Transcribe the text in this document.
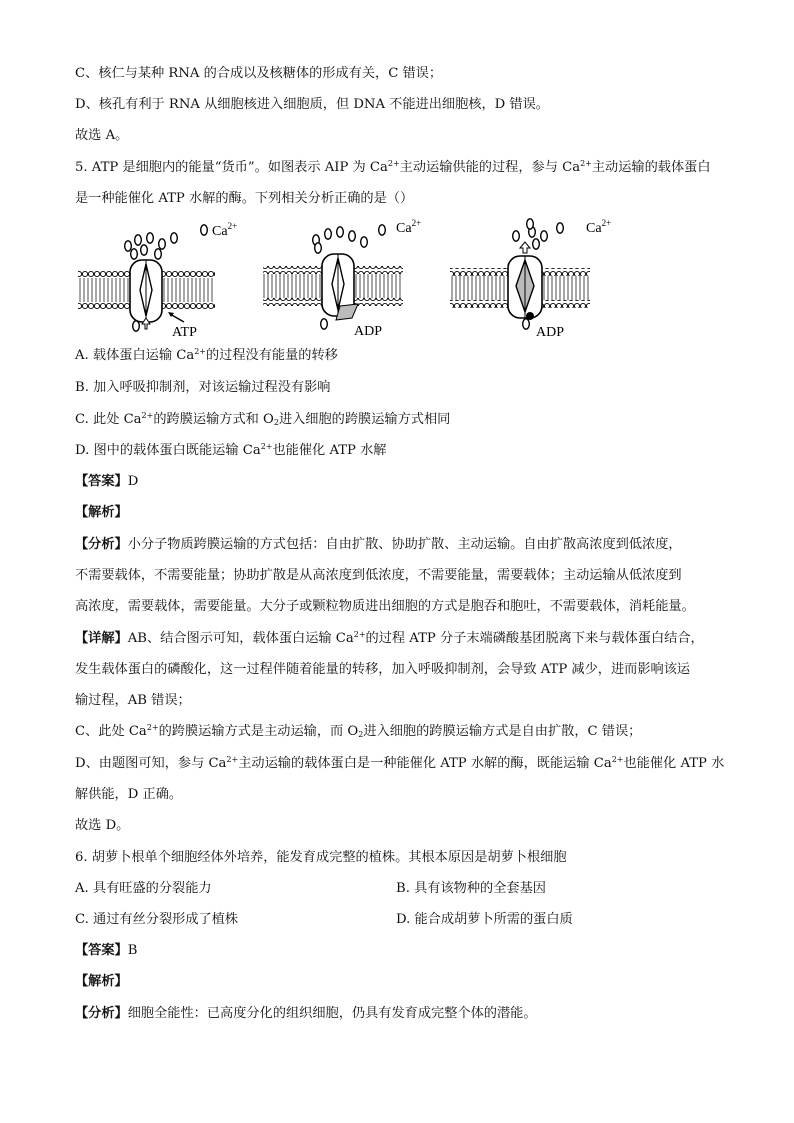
C、核仁与某种 RNA 的合成以及核糖体的形成有关，C 错误；
D、核孔有利于 RNA 从细胞核进入细胞质，但 DNA 不能进出细胞核，D 错误。
故选 A。
5. ATP 是细胞内的能量“货币”。如图表示 AIP 为 $Ca^{2+}$主动运输供能的过程，参与 $Ca^{2+}$主动运输的载体蛋白
是一种能催化 ATP 水解的酶。下列相关分析正确的是（）
ATP
$Ca^{2+}$
ADP
$Ca^{2+}$
ADP
$Ca^{2+}$
A. 载体蛋白运输 $Ca^{2+}$的过程没有能量的转移
B. 加入呼吸抑制剂，对该运输过程没有影响
C. 此处 $Ca^{2+}$的跨膜运输方式和 $O_2$进入细胞的跨膜运输方式相同
D. 图中的载体蛋白既能运输 $Ca^{2+}$也能催化 ATP 水解
【答案】D
【解析】
【分析】小分子物质跨膜运输的方式包括：自由扩散、协助扩散、主动运输。自由扩散高浓度到低浓度，
不需要载体，不需要能量；协助扩散是从高浓度到低浓度，不需要能量，需要载体；主动运输从低浓度到
高浓度，需要载体，需要能量。大分子或颗粒物质进出细胞的方式是胞吞和胞吐，不需要载体，消耗能量。
【详解】AB、结合图示可知，载体蛋白运输 $Ca^{2+}$的过程 ATP 分子末端磷酸基团脱离下来与载体蛋白结合，
发生载体蛋白的磷酸化，这一过程伴随着能量的转移，加入呼吸抑制剂，会导致 ATP 减少，进而影响该运
输过程，AB 错误；
C、此处 $Ca^{2+}$的跨膜运输方式是主动运输，而 $O_2$进入细胞的跨膜运输方式是自由扩散，C 错误；
D、由题图可知，参与 $Ca^{2+}$主动运输的载体蛋白是一种能催化 ATP 水解的酶，既能运输 $Ca^{2+}$也能催化 ATP 水
解供能，D 正确。
故选 D。
6. 胡萝卜根单个细胞经体外培养，能发育成完整的植株。其根本原因是胡萝卜根细胞
A. 具有旺盛的分裂能力	B. 具有该物种的全套基因
C. 通过有丝分裂形成了植株	D. 能合成胡萝卜所需的蛋白质
【答案】B
【解析】
【分析】细胞全能性：已高度分化的组织细胞，仍具有发育成完整个体的潜能。
